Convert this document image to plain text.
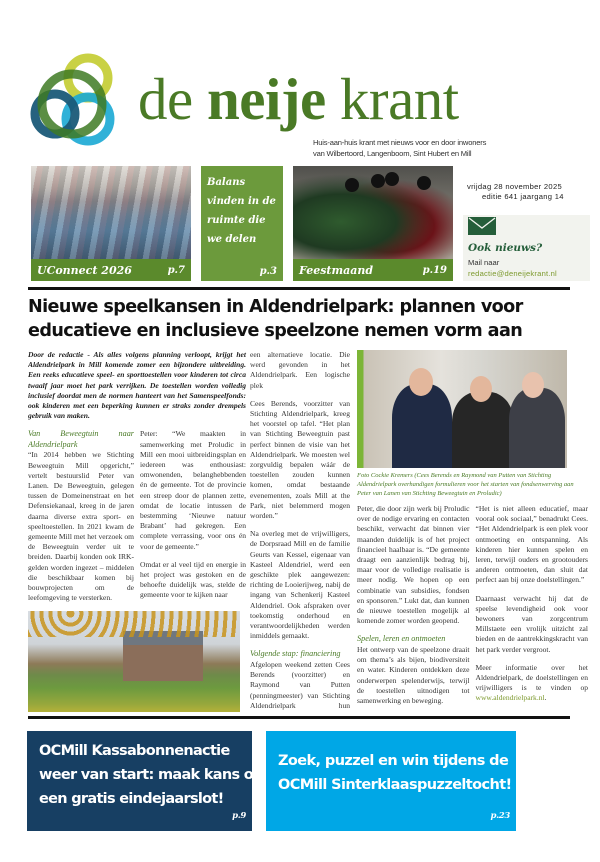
de neije krant
Huis-aan-huis krant met nieuws voor en door inwoners
van Wilbertoord, Langenboom, Sint Hubert en Mill
UConnect 2026	p.7
Balans
vinden in de
ruimte die
we delen
p.3 Feestmaand	p.19
vrijdag 28 november 2025
editie 641 jaargang 14
Ook nieuws?
Mail naar
redactie@deneijekrant.nl
Nieuwe speelkansen in Aldendrielpark: plannen voor educatieve en inclusieve speelzone nemen vorm aan
Door de redactie - Als alles volgens planning verloopt, krijgt het Aldendrielpark in Mill komende zomer een bijzondere uitbreiding. Een reeks educatieve speel- en sporttoestellen voor kinderen tot circa twaalf jaar moet het park verrijken. De toestellen worden volledig inclusief doordat men de normen hanteert van het Samenspeelfonds: ook kinderen met een beperking kunnen er straks zonder drempels gebruik van maken.

Van Beweegtuin naar Aldendrielpark

“In 2014 hebben we Stichting Beweegtuin Mill opgericht,” vertelt bestuurslid Peter van Lanen. De Beweegtuin, gelegen tussen de Domeinenstraat en het Defensiekanaal, kreeg in de jaren daarna diverse extra sport- en speeltoestellen. In 2021 kwam de gemeente Mill met het verzoek om de Beweegtuin verder uit te breiden. Daarbij konden ook IRK-gelden worden ingezet – middelen die beschikbaar komen bij bouwprojecten om de leefomgeving te versterken.

Peter: “We maakten in samenwerking met Proludic in Mill een mooi uitbreidingsplan en iedereen was enthousiast: omwonenden, belanghebbenden én de gemeente. Tot de provincie een streep door de plannen zette, omdat de locatie intussen de bestemming ‘Nieuwe natuur Brabant’ had gekregen. Een complete verrassing, voor ons én voor de gemeente.”

Omdat er al veel tijd en energie in het project was gestoken en de behoefte duidelijk was, stelde de gemeente voor te kijken naar

een alternatieve locatie. Die werd gevonden in het Aldendrielpark. Een logische plek

Cees Berends, voorzitter van Stichting Aldendrielpark, kreeg het voorstel op tafel. “Het plan van Stichting Beweegtuin past perfect binnen de visie van het Aldendrielpark. We moesten wel zorgvuldig bepalen wáár de toestellen zouden kunnen komen, omdat bestaande evenementen, zoals Mill at the Park, niet belemmerd mogen worden.”

Na overleg met de vrijwilligers, de Dorpsraad Mill en de familie Geurts van Kessel, eigenaar van Kasteel Aldendriel, werd een geschikte plek aangewezen: richting de Looierijweg, nabij de ingang van Schenkerij Kasteel Aldendriel. Ook afspraken over toekomstig onderhoud en verantwoordelijkheden werden inmiddels gemaakt.

Volgende stap: financiering

Afgelopen weekend zetten Cees Berends (voorzitter) en Raymond van Putten (penningmeester) van Stichting Aldendrielpark hun

Foto Cockie Kremers (Cees Berends en Raymond van Putten van Stichting Aldendrielpark overhandigen formulieren voor het starten van fondsenwerving aan Peter van Lanen van Stichting Beweegtuin en Proludic)

Peter, die door zijn werk bij Proludic over de nodige ervaring en contacten beschikt, verwacht dat binnen vier maanden duidelijk is of het project financieel haalbaar is. “De gemeente draagt een aanzienlijk bedrag bij, maar voor de volledige realisatie is meer nodig. We hopen op een combinatie van subsidies, fondsen en sponsoren.” Lukt dat, dan kunnen de nieuwe toestellen mogelijk al komende zomer worden geopend.

Spelen, leren en ontmoeten

Het ontwerp van de speelzone draait om thema’s als bijen, biodiversiteit en water. Kinderen ontdekken deze onderwerpen spelenderwijs, terwijl de toestellen uitnodigen tot samenwerking en beweging.

“Het is niet alleen educatief, maar vooral ook sociaal,” benadrukt Cees. “Het Aldendrielpark is een plek voor ontmoeting en ontspanning. Als kinderen hier kunnen spelen en leren, terwijl ouders en grootouders anderen ontmoeten, dan sluit dat perfect aan bij onze doelstellingen.”

Daarnaast verwacht hij dat de speelse levendigheid ook voor bewoners van zorgcentrum Millstaete een vrolijk uitzicht zal bieden en de aantrekkingskracht van het park verder vergroot.

Meer informatie over het Aldendrielpark, de doelstellingen en vrijwilligers is te vinden op www.aldendrielpark.nl.

OCMill Kassabonnenactie
weer van start: maak kans op
een gratis eindejaarslot!
p.9
Zoek, puzzel en win tijdens de
OCMill Sinterklaaspuzzeltocht!
p.23
